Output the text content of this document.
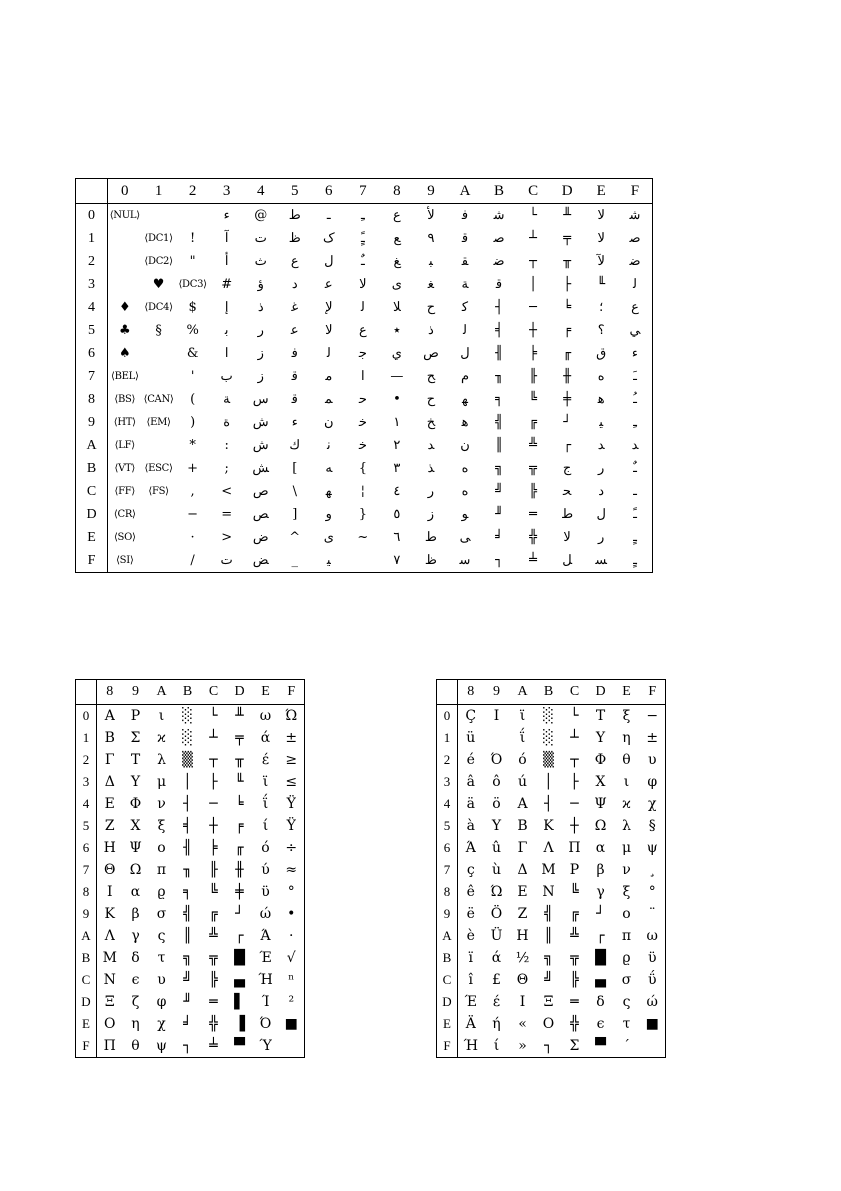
	0	1	2	3	4	5	6	7	8	9	A	B	C	D	E	F
0	⟨NUL⟩			ء	@	ط	ـ	ـِ	ع	ﻷ	ﻓ	ﺷ	└	╨	ﻻ	ﺷ
1		⟨DC1⟩	!	آ	ت	ظ	ک	ـًٍ	ﻊ	٩	ﻗ	ﺻ	┴	╤	ﻻ	ﺻ
2		⟨DC2⟩	"	أ	ث	ع	ل	ـٌ	ﻎ	ﺒ	ﻘ	ﺿ	┬	╥	ﻵ	ﺿ
3		♥	⟨DC3⟩	#	ﺅ	ﺩ	ﻋ	ﻻ	ﻯ	ﻐ	ﺔ	ﻗ	│	├	╙	ﻟ
4	♦	⟨DC4⟩	$	ﺇ	ﺫ	ﻏ	ﻹ	ﻟ	ﻼ	ﺡ	ﻛ	┤	─	╘	؛	ﻉ
5	♣	§	%	ﺑ	ﺭ	ﻋ	ﻻ	ﻉ	٭	ﺫ	ﻟ	╡	┼	╒	؟	ﻲ
6	♠		&	ﺍ	ﺯ	ﻓ	ﻟ	ﺟ	ﻱ	ﺹ	ﻝ	╢	╞	╓	ﻕ	ﺀ
7	⟨BEL⟩		'	ﺏ	ﺯ	ﻗ	ﻣ	ﺍ	—	ﺢ	ﻡ	╖	╟	╫	ﻩ	ـَ
8	⟨BS⟩	⟨CAN⟩	(	ﺔ	ﺱ	ﻗ	ﻤ	ﺣ	•	ﺡ	ﻬ	╕	╚	╪	ﻫ	ـُ
9	⟨HT⟩	⟨EM⟩	)	ﺓ	ﺵ	ﺀ	ﻥ	ﺧ	١	ﺦ	ﻫ	╣	╔	┘	ﯿ	ـِ
A	⟨LF⟩		*	:	ﺵ	ﻙ	ﻧ	ﺧ	٢	ﺪ	ﻥ	║	╩	┌	ﺪ	ﺪ
B	⟨VT⟩	⟨ESC⟩	+	;	ﺶ	[	ﻪ	{	٣	ﺬ	ﻩ	╗	╦	ﺝ	ﺭ	ـٌ
C	⟨FF⟩	⟨FS⟩	,	<	ﺹ	\	ﻬ	¦	٤	ﺭ	ﻩ	╝	╠	ﺤ	ﺩ	ـ
D	⟨CR⟩		−	=	ﺺ	]	ﻭ	}	٥	ﺯ	ﻮ	╜	═	ﻁ	ﻝ	ـً
E	⟨SO⟩		·	>	ﺽ	^	ﻯ	~	٦	ﻁ	ﻰ	╛	╬	ﻻ	ﺭ	ـٍ
F	⟨SI⟩		/	ﺕ	ﺾ	_	ﻴ		٧	ﻅ	ﺳ	┐	╧	ﻞ	ﺴ	ـٍ
	8	9	A	B	C	D	E	F
0	A	P	ι	░	└	╨	ω	Ώ
1	B	Σ	ϰ	░	┴	╤	ά	±
2	Γ	T	λ	▒	┬	╥	έ	≥
3	Δ	Y	μ	│	├	╙	ϊ	≤
4	E	Φ	ν	┤	─	╘	ΐ	Ϋ
5	Z	X	ξ	╡	┼	╒	ί	Ÿ
6	H	Ψ	ο	╢	╞	╓	ό	÷
7	Θ	Ω	π	╖	╟	╫	ύ	≈
8	I	α	ϱ	╕	╚	╪	ϋ	°
9	K	β	σ	╣	╔	┘	ώ	•
A	Λ	γ	ς	║	╩	┌	Ά	·
B	M	δ	τ	╗	╦	█	Έ	√
C	N	ϵ	υ	╝	╠	▄	Ή	ⁿ
D	Ξ	ζ	φ	╜	═	▌	Ί	²
E	O	η	χ	╛	╬	▐	Ό	■
F	Π	θ	ψ	┐	╧	▀	Ύ	
	8	9	A	B	C	D	E	F
0	Ç	Ι	ϊ	░	└	T	ξ	−
1	ü		ΐ	░	┴	Y	η	±
2	é	Ό	ó	▒	┬	Φ	θ	υ
3	â	ô	ú	│	├	X	ι	φ
4	ä	ö	A	┤	─	Ψ	ϰ	χ
5	à	Y	B	K	┼	Ω	λ	§
6	Ά	û	Γ	Λ	Π	α	μ	ψ
7	ç	ù	Δ	M	P	β	ν	¸
8	ê	Ώ	E	N	╚	γ	ξ	°
9	ë	Ö	Z	╣	╔	┘	ο	¨
A	è	Ü	H	║	╩	┌	π	ω
B	ï	ά	½	╗	╦	█	ϱ	ϋ
C	î	£	Θ	╝	╠	▄	σ	ΰ
D	Έ	έ	I	Ξ	═	δ	ς	ώ
E	Ä	ή	«	O	╬	ϵ	τ	■
F	Ή	ί	»	┐	Σ	▀	´	
